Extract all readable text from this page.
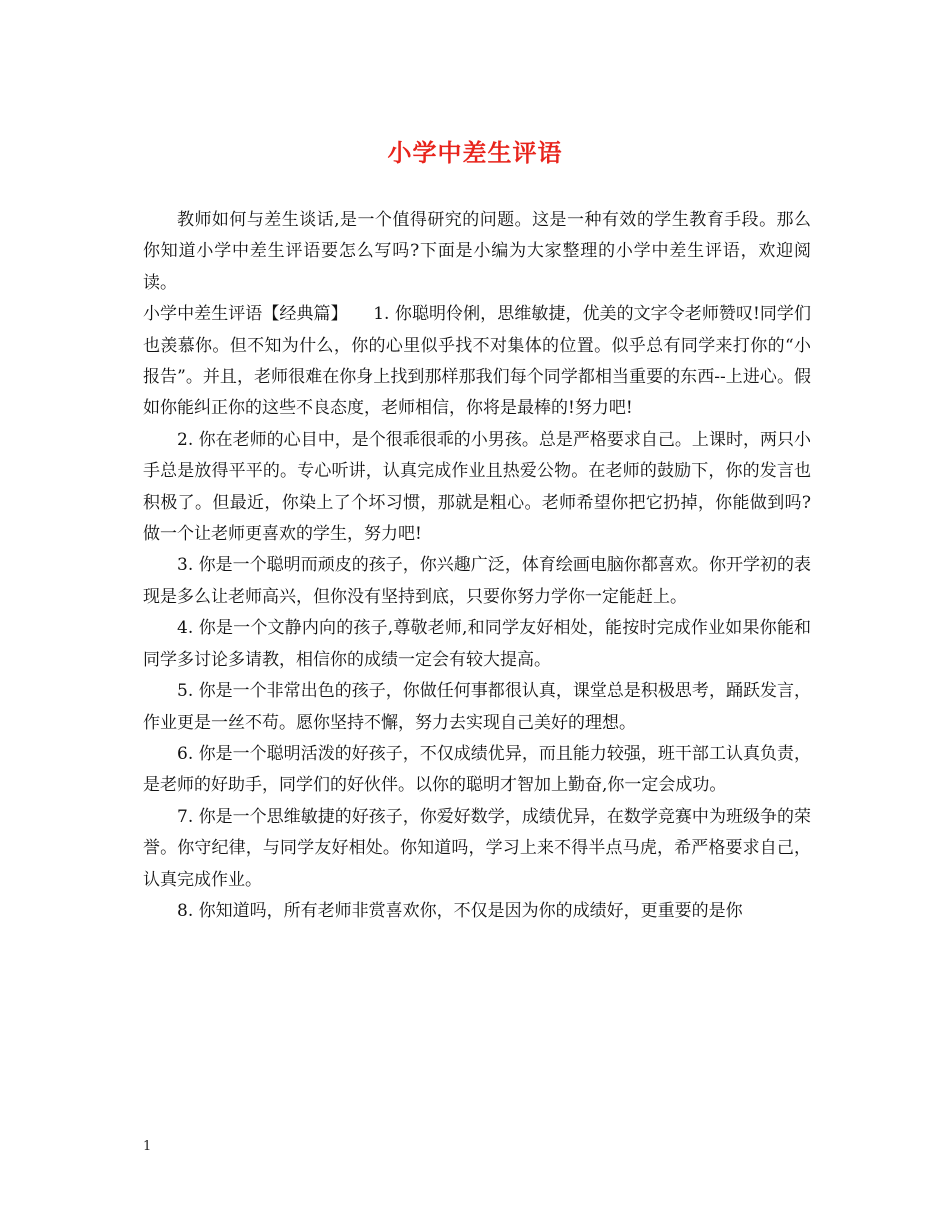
小学中差生评语

教师如何与差生谈话,是一个值得研究的问题。这是一种有效的学生教育手段。那么你知道小学中差生评语要怎么写吗?下面是小编为大家整理的小学中差生评语，欢迎阅读。

小学中差生评语【经典篇】　　1. 你聪明伶俐，思维敏捷，优美的文字令老师赞叹!同学们也羡慕你。但不知为什么，你的心里似乎找不对集体的位置。似乎总有同学来打你的“小报告”。并且，老师很难在你身上找到那样那我们每个同学都相当重要的东西--上进心。假如你能纠正你的这些不良态度，老师相信，你将是最棒的!努力吧!

2. 你在老师的心目中，是个很乖很乖的小男孩。总是严格要求自己。上课时，两只小手总是放得平平的。专心听讲，认真完成作业且热爱公物。在老师的鼓励下，你的发言也积极了。但最近，你染上了个坏习惯，那就是粗心。老师希望你把它扔掉，你能做到吗?做一个让老师更喜欢的学生，努力吧!

3. 你是一个聪明而顽皮的孩子，你兴趣广泛，体育绘画电脑你都喜欢。你开学初的表现是多么让老师高兴，但你没有坚持到底，只要你努力学你一定能赶上。

4. 你是一个文静内向的孩子,尊敬老师,和同学友好相处，能按时完成作业如果你能和同学多讨论多请教，相信你的成绩一定会有较大提高。

5. 你是一个非常出色的孩子，你做任何事都很认真，课堂总是积极思考，踊跃发言，作业更是一丝不苟。愿你坚持不懈，努力去实现自己美好的理想。

6. 你是一个聪明活泼的好孩子，不仅成绩优异，而且能力较强，班干部工认真负责，是老师的好助手，同学们的好伙伴。以你的聪明才智加上勤奋,你一定会成功。

7. 你是一个思维敏捷的好孩子，你爱好数学，成绩优异，在数学竞赛中为班级争的荣誉。你守纪律，与同学友好相处。你知道吗，学习上来不得半点马虎，希严格要求自己，认真完成作业。

8. 你知道吗，所有老师非赏喜欢你，不仅是因为你的成绩好，更重要的是你

1
